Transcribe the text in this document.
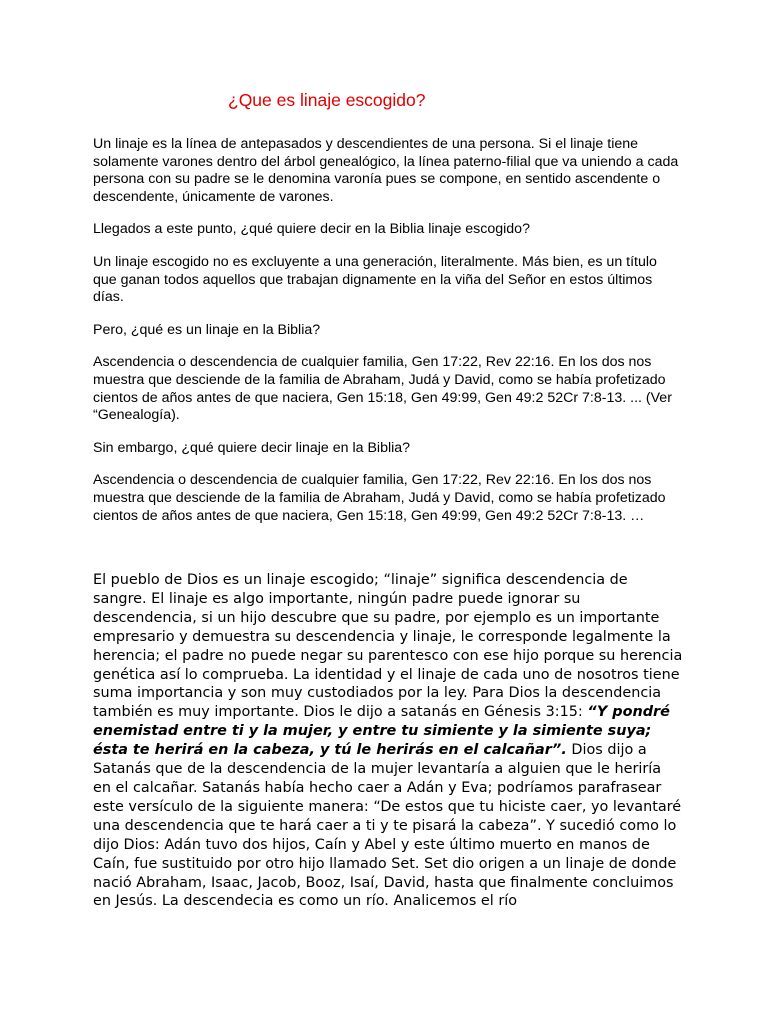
¿Que es linaje escogido?

Un linaje es la línea de antepasados y descendientes de una persona. Si el linaje tiene solamente varones dentro del árbol genealógico, la línea paterno-filial que va uniendo a cada persona con su padre se le denomina varonía pues se compone, en sentido ascendente o descendente, únicamente de varones.

Llegados a este punto, ¿qué quiere decir en la Biblia linaje escogido?

Un linaje escogido no es excluyente a una generación, literalmente. Más bien, es un título que ganan todos aquellos que trabajan dignamente en la viña del Señor en estos últimos días.

Pero, ¿qué es un linaje en la Biblia?

Ascendencia o descendencia de cualquier familia, Gen 17:22, Rev 22:16. En los dos nos muestra que desciende de la familia de Abraham, Judá y David, como se había profetizado cientos de años antes de que naciera, Gen 15:18, Gen 49:99, Gen 49:2 52Cr 7:8-13. ... (Ver “Genealogía).

Sin embargo, ¿qué quiere decir linaje en la Biblia?

Ascendencia o descendencia de cualquier familia, Gen 17:22, Rev 22:16. En los dos nos muestra que desciende de la familia de Abraham, Judá y David, como se había profetizado cientos de años antes de que naciera, Gen 15:18, Gen 49:99, Gen 49:2 52Cr 7:8-13. …

El pueblo de Dios es un linaje escogido; “linaje” significa descendencia de sangre. El linaje es algo importante, ningún padre puede ignorar su descendencia, si un hijo descubre que su padre, por ejemplo es un importante empresario y demuestra su descendencia y linaje, le corresponde legalmente la herencia; el padre no puede negar su parentesco con ese hijo porque su herencia genética así lo comprueba. La identidad y el linaje de cada uno de nosotros tiene suma importancia y son muy custodiados por la ley. Para Dios la descendencia también es muy importante. Dios le dijo a satanás en Génesis 3:15: “Y pondré enemistad entre ti y la mujer, y entre tu simiente y la simiente suya; ésta te herirá en la cabeza, y tú le herirás en el calcañar”. Dios dijo a Satanás que de la descendencia de la mujer levantaría a alguien que le heriría en el calcañar. Satanás había hecho caer a Adán y Eva; podríamos parafrasear este versículo de la siguiente manera: “De estos que tu hiciste caer, yo levantaré una descendencia que te hará caer a ti y te pisará la cabeza”. Y sucedió como lo dijo Dios: Adán tuvo dos hijos, Caín y Abel y este último muerto en manos de Caín, fue sustituido por otro hijo llamado Set. Set dio origen a un linaje de donde nació Abraham, Isaac, Jacob, Booz, Isaí, David, hasta que finalmente concluimos en Jesús. La descendecia es como un río. Analicemos el río
